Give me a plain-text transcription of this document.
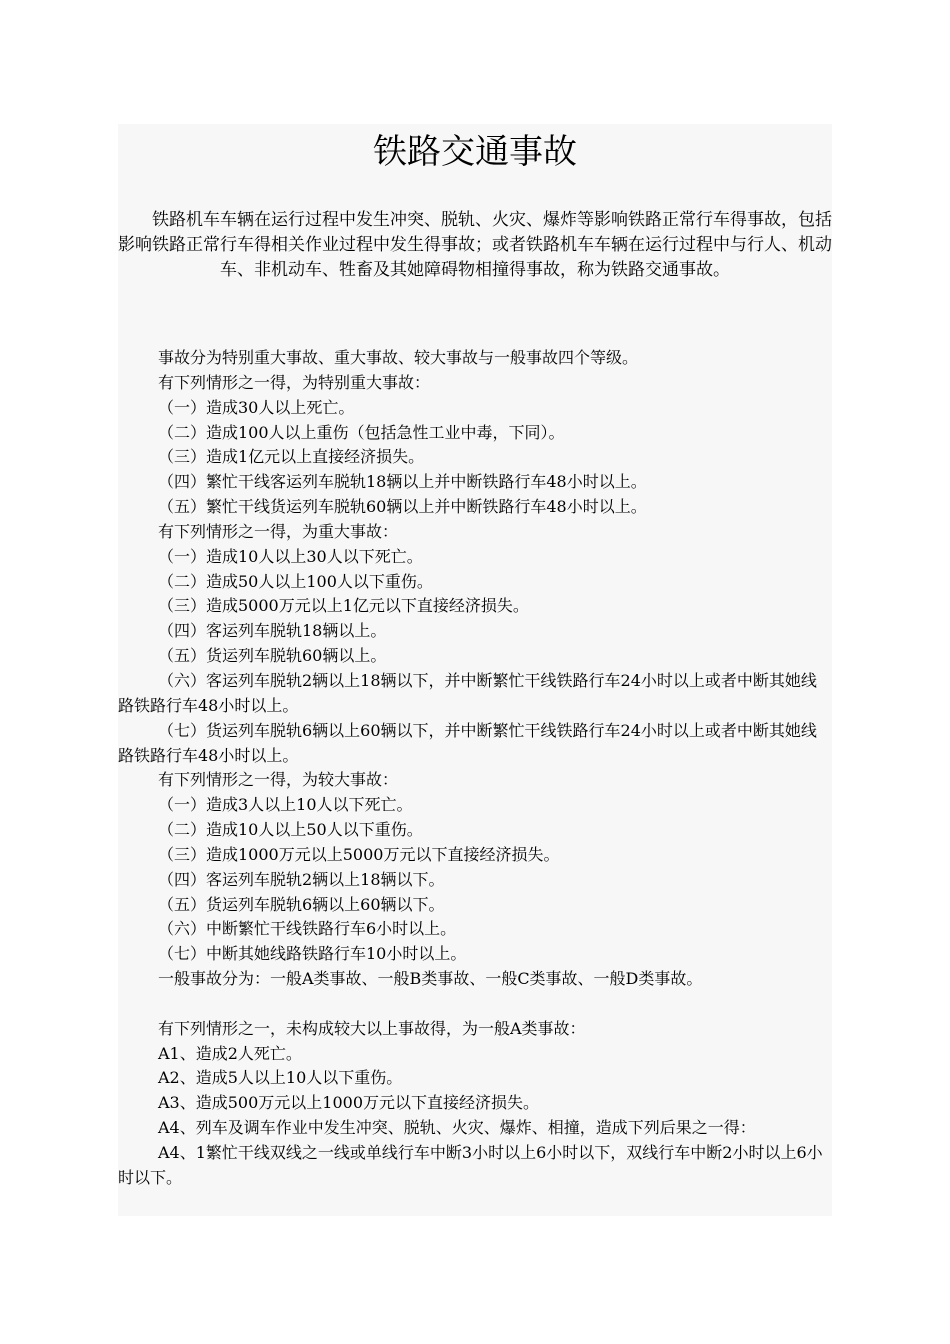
铁路交通事故

铁路机车车辆在运行过程中发生冲突、脱轨、火灾、爆炸等影响铁路正常行车得事故，包括影响铁路正常行车得相关作业过程中发生得事故；或者铁路机车车辆在运行过程中与行人、机动车、非机动车、牲畜及其她障碍物相撞得事故，称为铁路交通事故。

事故分为特别重大事故、重大事故、较大事故与一般事故四个等级。

有下列情形之一得，为特别重大事故：

（一）造成30人以上死亡。

（二）造成100人以上重伤（包括急性工业中毒，下同）。

（三）造成1亿元以上直接经济损失。

（四）繁忙干线客运列车脱轨18辆以上并中断铁路行车48小时以上。

（五）繁忙干线货运列车脱轨60辆以上并中断铁路行车48小时以上。

有下列情形之一得，为重大事故：

（一）造成10人以上30人以下死亡。

（二）造成50人以上100人以下重伤。

（三）造成5000万元以上1亿元以下直接经济损失。

（四）客运列车脱轨18辆以上。

（五）货运列车脱轨60辆以上。

（六）客运列车脱轨2辆以上18辆以下，并中断繁忙干线铁路行车24小时以上或者中断其她线路铁路行车48小时以上。

（七）货运列车脱轨6辆以上60辆以下，并中断繁忙干线铁路行车24小时以上或者中断其她线路铁路行车48小时以上。

有下列情形之一得，为较大事故：

（一）造成3人以上10人以下死亡。

（二）造成10人以上50人以下重伤。

（三）造成1000万元以上5000万元以下直接经济损失。

（四）客运列车脱轨2辆以上18辆以下。

（五）货运列车脱轨6辆以上60辆以下。

（六）中断繁忙干线铁路行车6小时以上。

（七）中断其她线路铁路行车10小时以上。

一般事故分为：一般A类事故、一般B类事故、一般C类事故、一般D类事故。

有下列情形之一，未构成较大以上事故得，为一般A类事故：

A1、造成2人死亡。

A2、造成5人以上10人以下重伤。

A3、造成500万元以上1000万元以下直接经济损失。

A4、列车及调车作业中发生冲突、脱轨、火灾、爆炸、相撞，造成下列后果之一得：

A4、1繁忙干线双线之一线或单线行车中断3小时以上6小时以下，双线行车中断2小时以上6小时以下。
